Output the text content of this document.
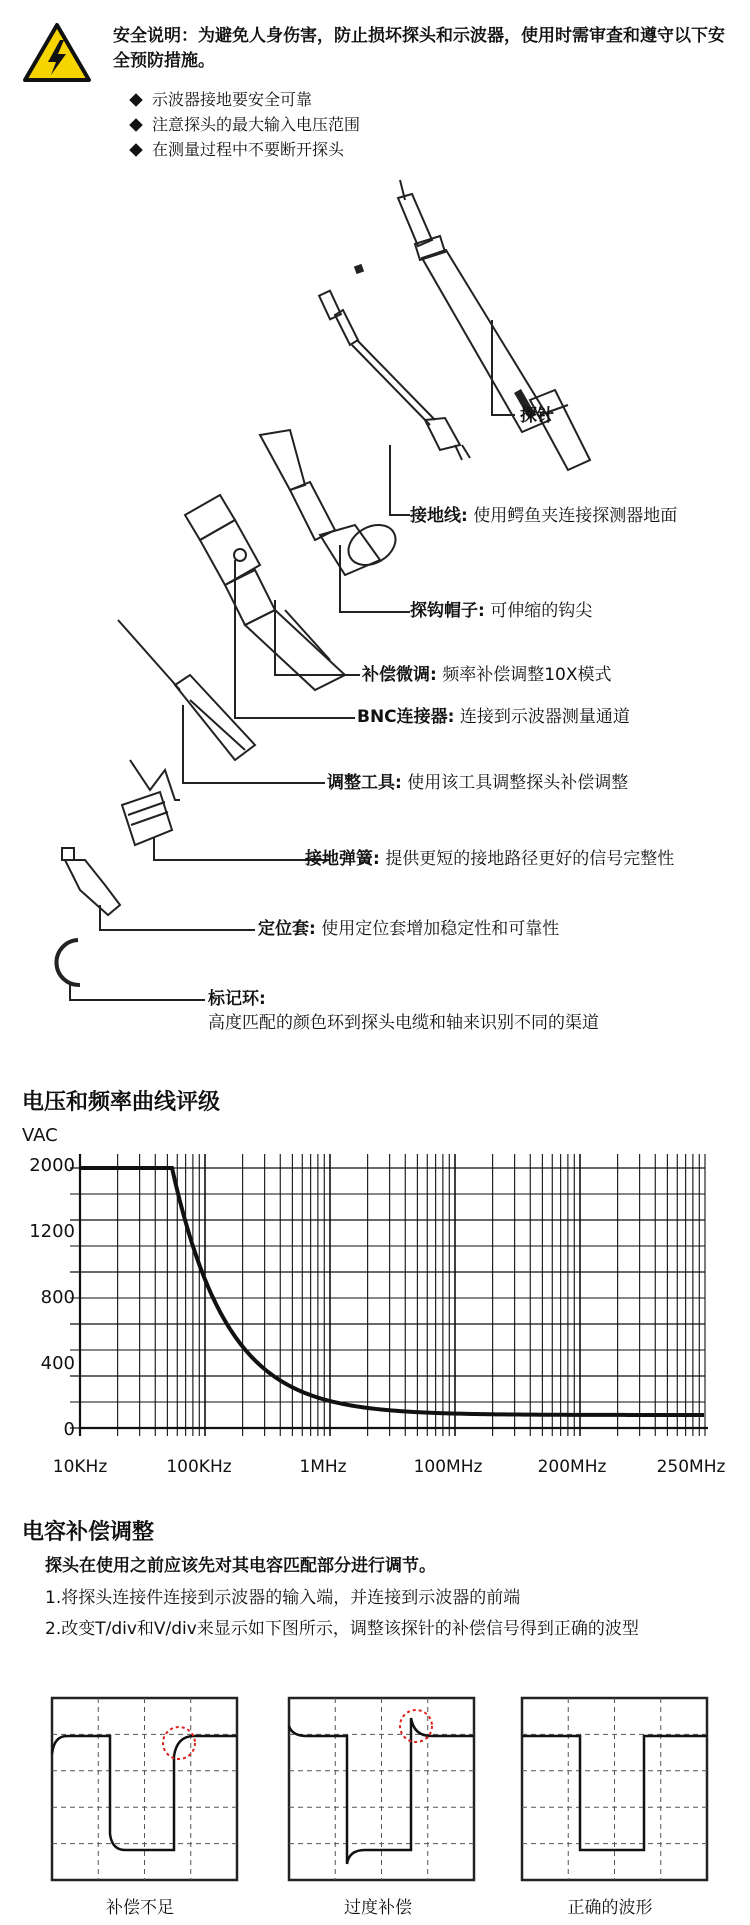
安全说明：为避免人身伤害，防止损坏探头和示波器，使用时需审查和遵守以下安全预防措施。
示波器接地要安全可靠
注意探头的最大输入电压范围
在测量过程中不要断开探头
探针
接地线: 使用鳄鱼夹连接探测器地面
探钩帽子: 可伸缩的钩尖
补偿微调: 频率补偿调整10X模式
BNC连接器: 连接到示波器测量通道
调整工具: 使用该工具调整探头补偿调整
接地弹簧: 提供更短的接地路径更好的信号完整性
定位套: 使用定位套增加稳定性和可靠性
标记环:
高度匹配的颜色环到探头电缆和轴来识别不同的渠道
电压和频率曲线评级
VAC
2000
1200
800
400
0
10KHz	100KHz	1MHz	100MHz	200MHz	250MHz
电容补偿调整
探头在使用之前应该先对其电容匹配部分进行调节。
1.将探头连接件连接到示波器的输入端，并连接到示波器的前端
2.改变T/div和V/div来显示如下图所示，调整该探针的补偿信号得到正确的波型
补偿不足	过度补偿	正确的波形
